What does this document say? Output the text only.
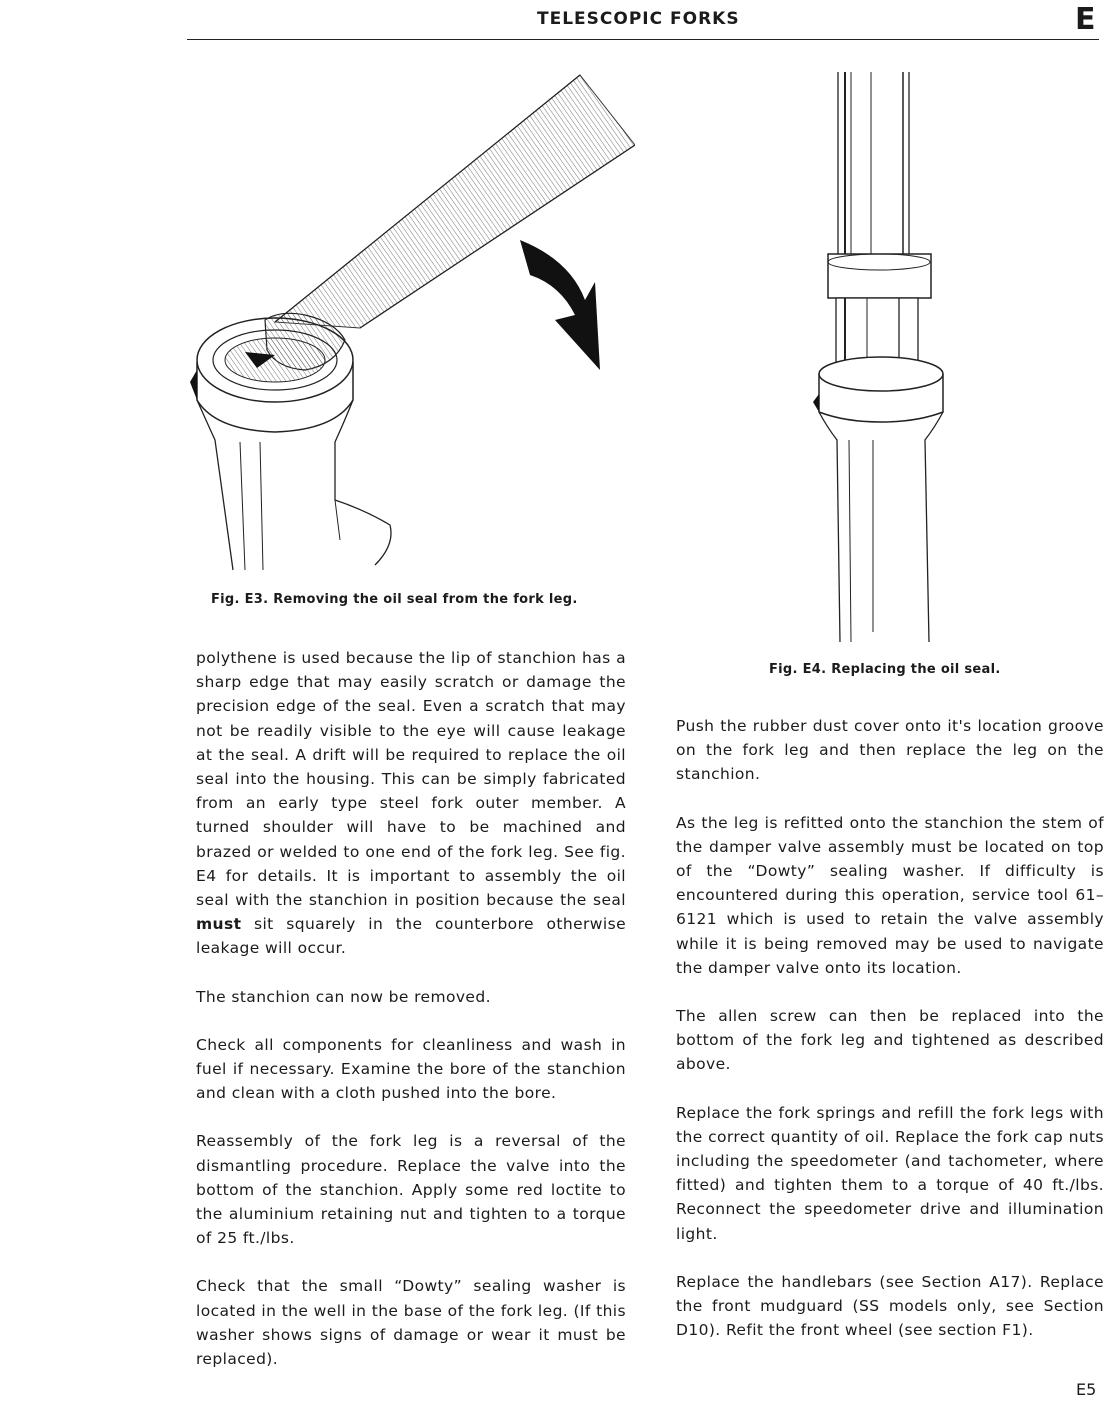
TELESCOPIC FORKS	E
Fig. E3. Removing the oil seal from the fork leg.
Fig. E4. Replacing the oil seal.

polythene is used because the lip of stanchion has a sharp edge that may easily scratch or damage the precision edge of the seal. Even a scratch that may not be readily visible to the eye will cause leakage at the seal. A drift will be required to replace the oil seal into the housing. This can be simply fabricated from an early type steel fork outer member. A turned shoulder will have to be machined and brazed or welded to one end of the fork leg. See fig. E4 for details. It is important to assembly the oil seal with the stanchion in position because the seal must sit squarely in the counterbore otherwise leakage will occur.

The stanchion can now be removed.

Check all components for cleanliness and wash in fuel if necessary. Examine the bore of the stanchion and clean with a cloth pushed into the bore.

Reassembly of the fork leg is a reversal of the dismantling procedure. Replace the valve into the bottom of the stanchion. Apply some red loctite to the aluminium retaining nut and tighten to a torque of 25 ft./lbs.

Check that the small “Dowty” sealing washer is located in the well in the base of the fork leg. (If this washer shows signs of damage or wear it must be replaced).

Push the rubber dust cover onto it's location groove on the fork leg and then replace the leg on the stanchion.

As the leg is refitted onto the stanchion the stem of the damper valve assembly must be located on top of the “Dowty” sealing washer. If difficulty is encountered during this operation, service tool 61–6121 which is used to retain the valve assembly while it is being removed may be used to navigate the damper valve onto its location.

The allen screw can then be replaced into the bottom of the fork leg and tightened as described above.

Replace the fork springs and refill the fork legs with the correct quantity of oil. Replace the fork cap nuts including the speedometer (and tachometer, where fitted) and tighten them to a torque of 40 ft./lbs. Reconnect the speedometer drive and illumination light.

Replace the handlebars (see Section A17). Replace the front mudguard (SS models only, see Section D10). Refit the front wheel (see section F1).

E5
